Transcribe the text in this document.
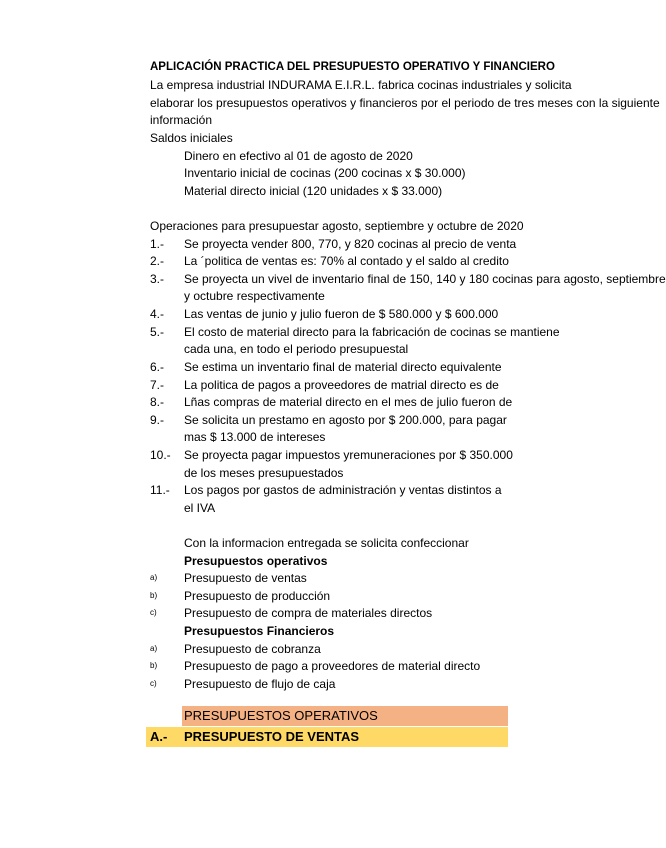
APLICACIÓN PRACTICA DEL PRESUPUESTO OPERATIVO Y FINANCIERO
La empresa industrial INDURAMA E.I.R.L. fabrica cocinas industriales y solicita
elaborar los presupuestos operativos y financieros por el periodo de tres meses con la siguiente
información
Saldos iniciales
Dinero en efectivo al 01 de agosto de 2020
Inventario inicial de cocinas (200 cocinas x $ 30.000)
Material directo inicial (120 unidades x $ 33.000)
Operaciones para presupuestar agosto, septiembre y octubre de 2020
1.-	Se proyecta vender 800, 770, y 820 cocinas al precio de venta
2.-	La ´politica de ventas es: 70% al contado y el saldo al credito
3.-	Se proyecta un vivel de inventario final de 150, 140 y 180 cocinas para agosto, septiembre
y octubre respectivamente
4.-	Las ventas de junio y julio fueron de $ 580.000 y $ 600.000
5.-	El costo de material directo para la fabricación de cocinas se mantiene
cada una, en todo el periodo presupuestal
6.-	Se estima un inventario final de material directo equivalente
7.-	La politica de pagos a proveedores de matrial directo es de
8.-	Lñas compras de material directo en el mes de julio fueron de
9.-	Se solicita un prestamo en agosto por $ 200.000, para pagar
mas $ 13.000 de intereses
10.-	Se proyecta pagar impuestos yremuneraciones por $ 350.000
de los meses presupuestados
11.-	Los pagos por gastos de administración y ventas distintos a
el IVA
Con la informacion entregada se solicita confeccionar
Presupuestos operativos
a)	Presupuesto de ventas
b)	Presupuesto de producción
c)	Presupuesto de compra de materiales directos
Presupuestos Financieros
a)	Presupuesto de cobranza
b)	Presupuesto de pago a proveedores de material directo
c)	Presupuesto de flujo de caja
PRESUPUESTOS OPERATIVOS
A.- PRESUPUESTO DE VENTAS
